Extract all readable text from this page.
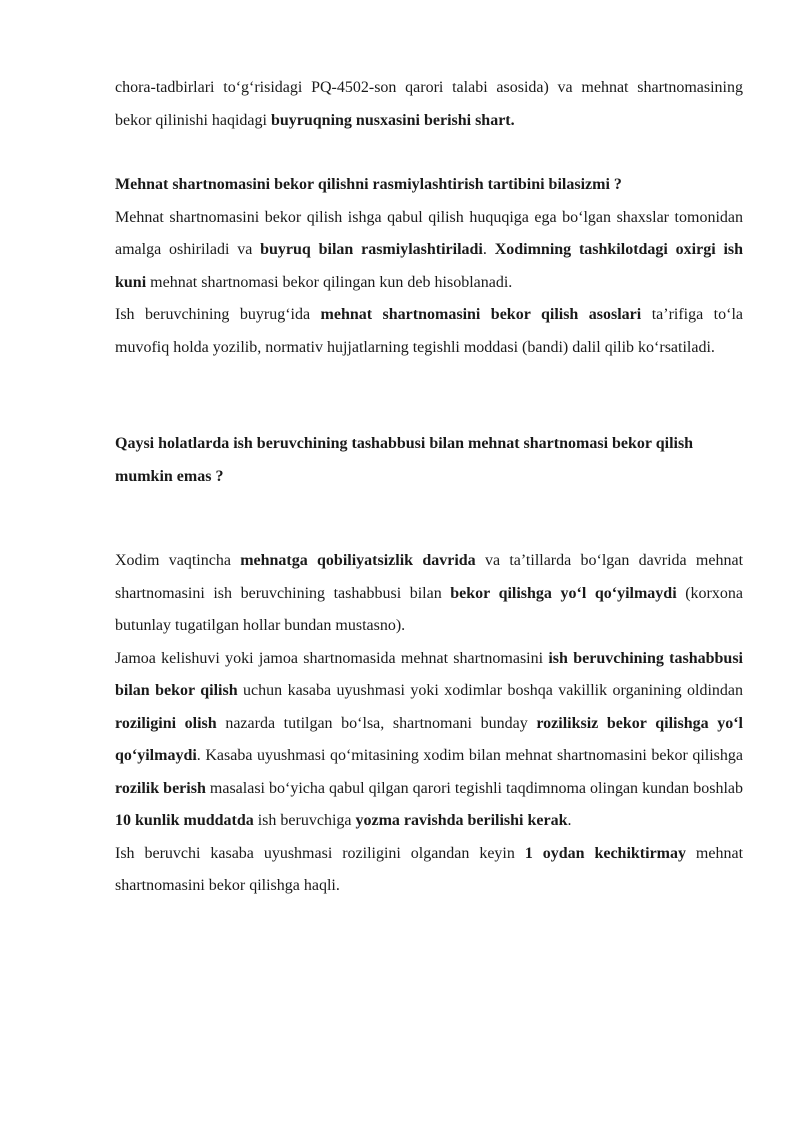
chora-tadbirlari to‘g‘risidagi PQ-4502-son qarori talabi asosida) va mehnat shartnomasining bekor qilinishi haqidagi buyruqning nusxasini berishi shart.

Mehnat shartnomasini bekor qilishni rasmiylashtirish tartibini bilasizmi ?

Mehnat shartnomasini bekor qilish ishga qabul qilish huquqiga ega bo‘lgan shaxslar tomonidan amalga oshiriladi va buyruq bilan rasmiylashtiriladi. Xodimning tashkilotdagi oxirgi ish kuni mehnat shartnomasi bekor qilingan kun deb hisoblanadi.

Ish beruvchining buyrug‘ida mehnat shartnomasini bekor qilish asoslari ta’rifiga to‘la muvofiq holda yozilib, normativ hujjatlarning tegishli moddasi (bandi) dalil qilib ko‘rsatiladi.

Qaysi holatlarda ish beruvchining tashabbusi bilan mehnat shartnomasi bekor qilish mumkin emas ?

Xodim vaqtincha mehnatga qobiliyatsizlik davrida va ta’tillarda bo‘lgan davrida mehnat shartnomasini ish beruvchining tashabbusi bilan bekor qilishga yo‘l qo‘yilmaydi (korxona butunlay tugatilgan hollar bundan mustasno).

Jamoa kelishuvi yoki jamoa shartnomasida mehnat shartnomasini ish beruvchining tashabbusi bilan bekor qilish uchun kasaba uyushmasi yoki xodimlar boshqa vakillik organining oldindan roziligini olish nazarda tutilgan bo‘lsa, shartnomani bunday roziliksiz bekor qilishga yo‘l qo‘yilmaydi. Kasaba uyushmasi qo‘mitasining xodim bilan mehnat shartnomasini bekor qilishga rozilik berish masalasi bo‘yicha qabul qilgan qarori tegishli taqdimnoma olingan kundan boshlab 10 kunlik muddatda ish beruvchiga yozma ravishda berilishi kerak.

Ish beruvchi kasaba uyushmasi roziligini olgandan keyin 1 oydan kechiktirmay mehnat shartnomasini bekor qilishga haqli.
